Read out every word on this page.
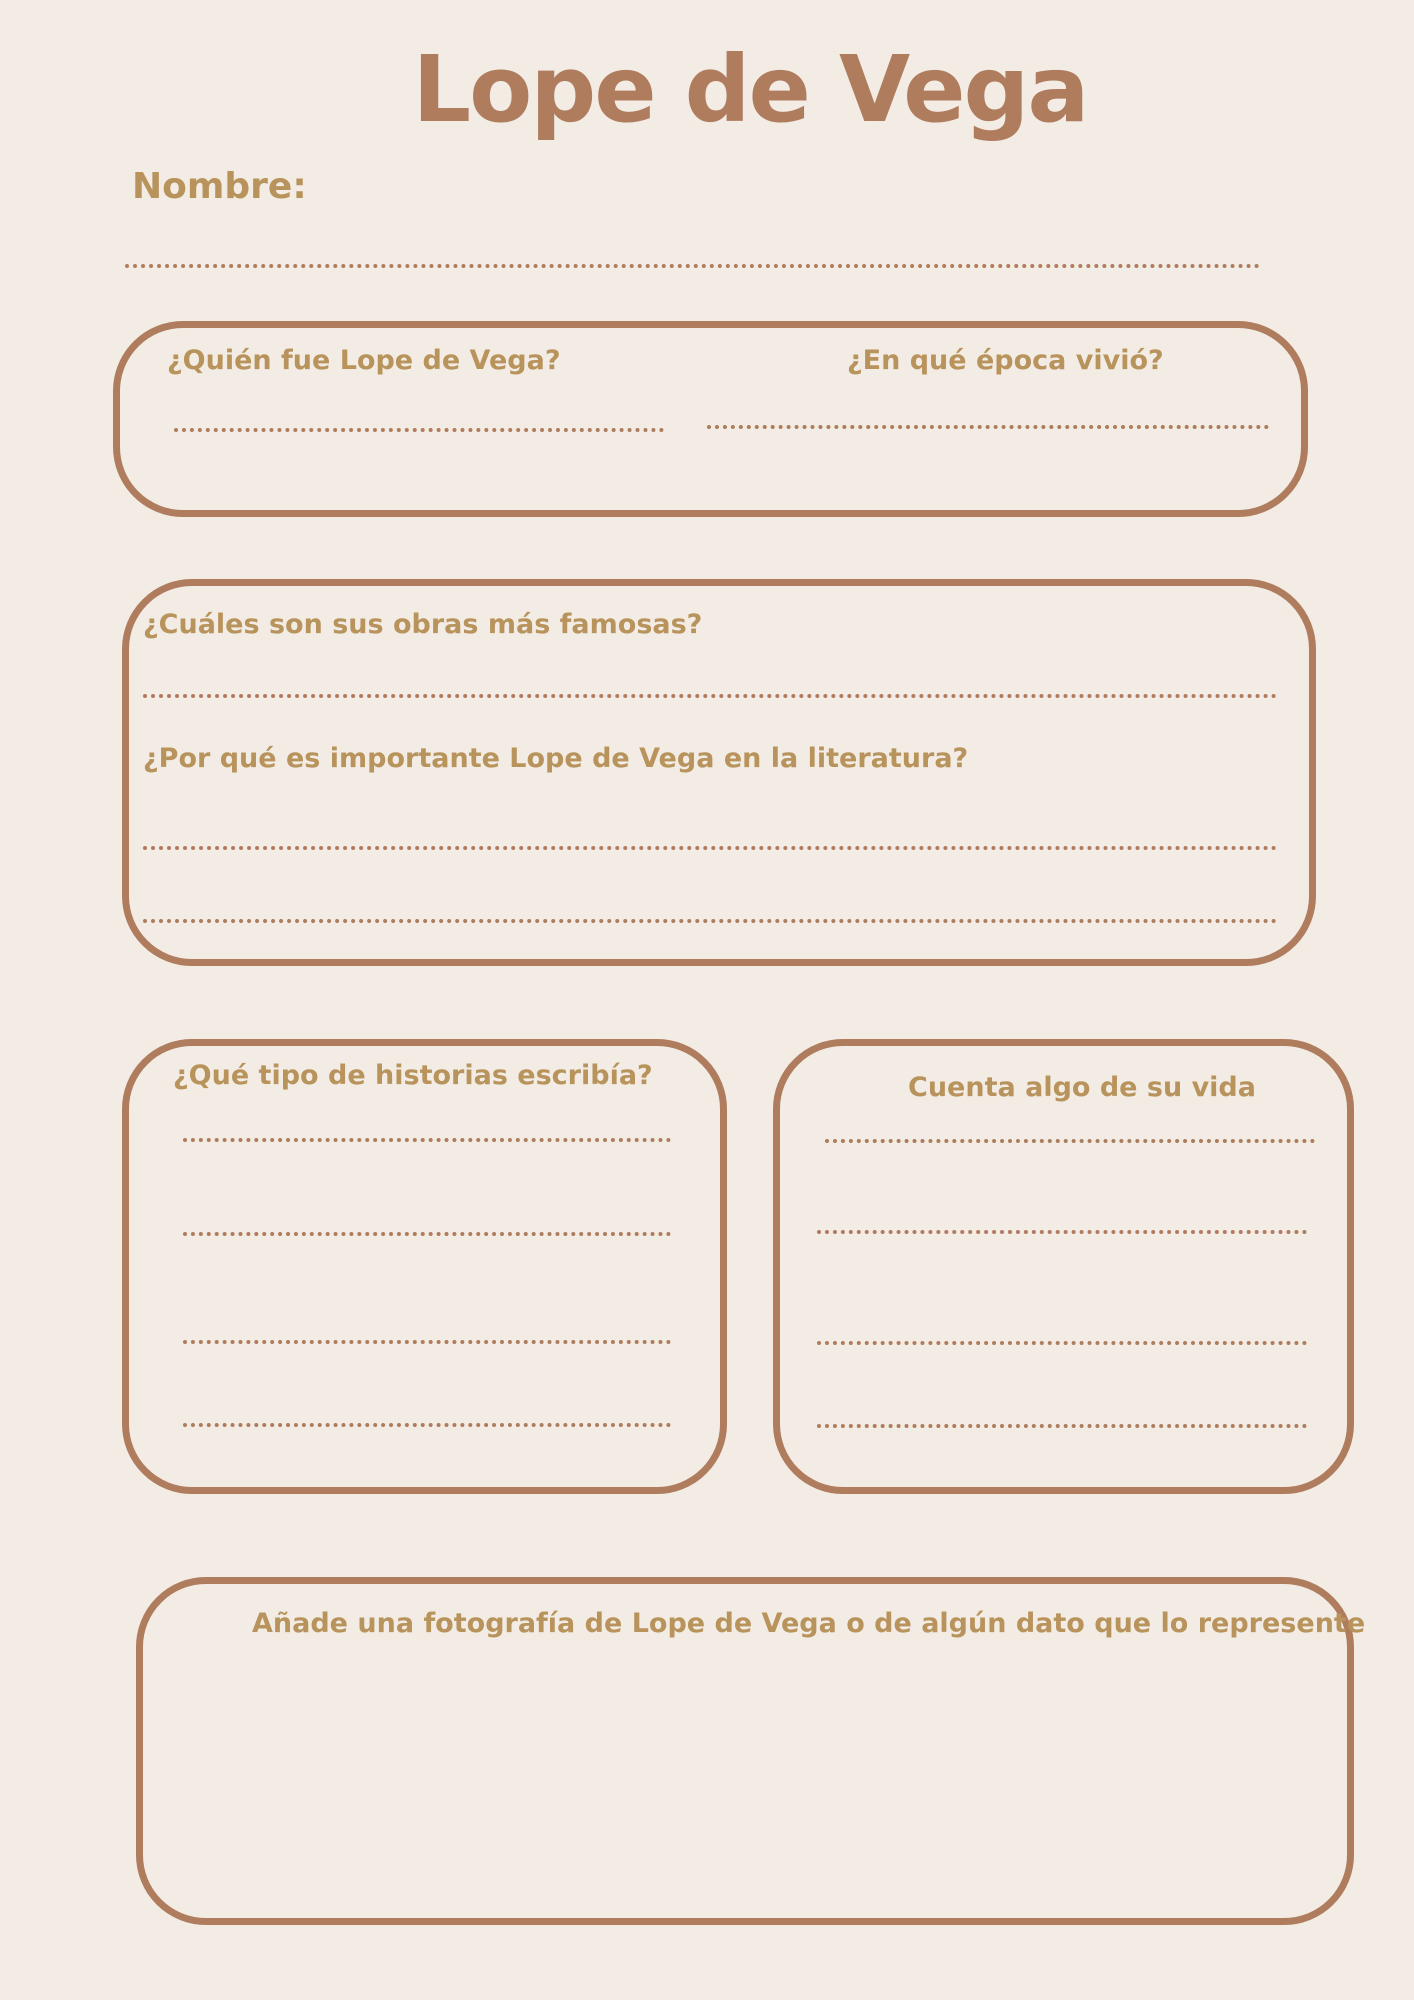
Lope de Vega
Nombre:
¿Quién fue Lope de Vega?	¿En qué época vivió?
¿Cuáles son sus obras más famosas?
¿Por qué es importante Lope de Vega en la literatura?
¿Qué tipo de historias escribía?	Cuenta algo de su vida
Añade una fotografía de Lope de Vega o de algún dato que lo represente
